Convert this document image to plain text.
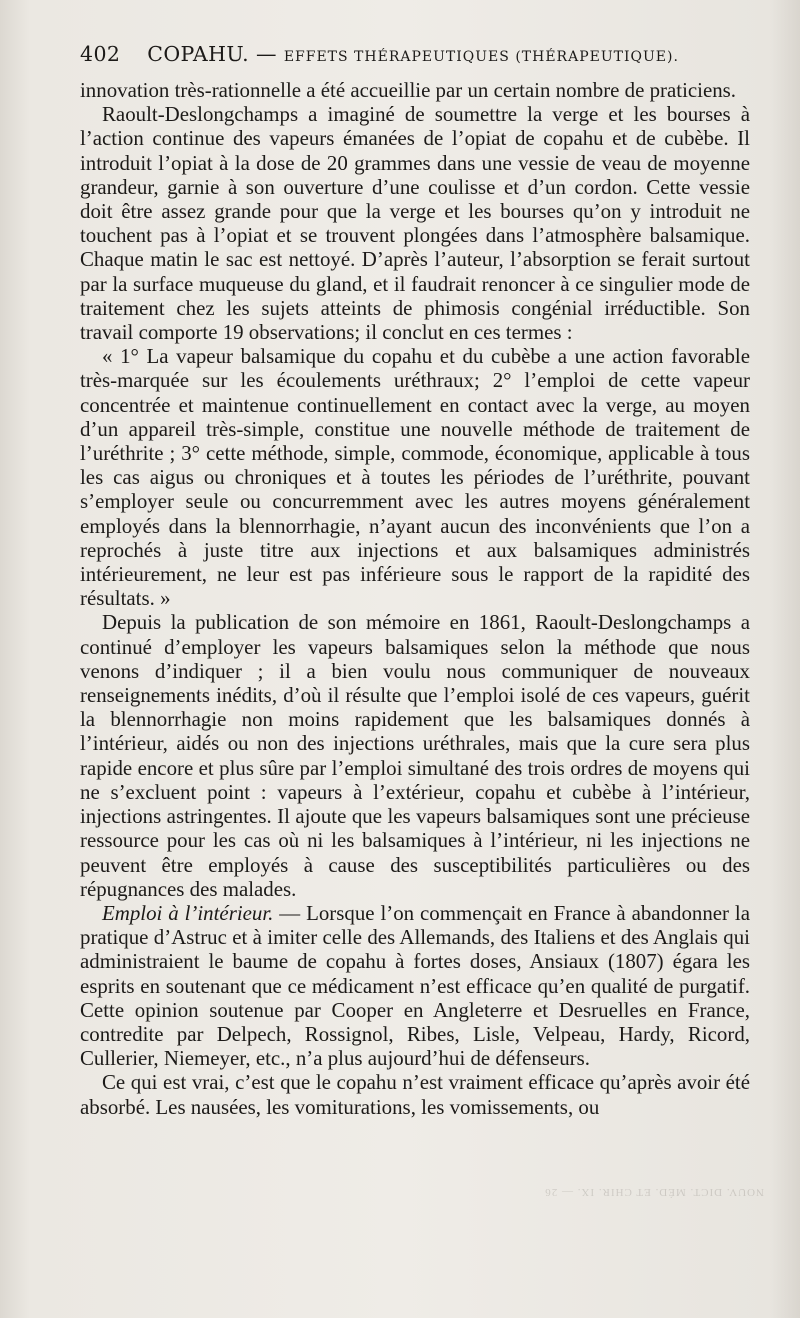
402 COPAHU. — EFFETS THÉRAPEUTIQUES (THÉRAPEUTIQUE).

innovation très-rationnelle a été accueillie par un certain nombre de praticiens.

Raoult-Deslongchamps a imaginé de soumettre la verge et les bourses à l’action continue des vapeurs émanées de l’opiat de copahu et de cubèbe. Il introduit l’opiat à la dose de 20 grammes dans une vessie de veau de moyenne grandeur, garnie à son ouverture d’une coulisse et d’un cordon. Cette vessie doit être assez grande pour que la verge et les bourses qu’on y introduit ne touchent pas à l’opiat et se trouvent plongées dans l’atmosphère balsamique. Chaque matin le sac est nettoyé. D’après l’auteur, l’absorption se ferait surtout par la surface muqueuse du gland, et il faudrait renoncer à ce singulier mode de traitement chez les sujets atteints de phimosis congénial irréductible. Son travail comporte 19 observations; il conclut en ces termes :

« 1° La vapeur balsamique du copahu et du cubèbe a une action favorable très-marquée sur les écoulements uréthraux; 2° l’emploi de cette vapeur concentrée et maintenue continuellement en contact avec la verge, au moyen d’un appareil très-simple, constitue une nouvelle méthode de traitement de l’uréthrite ; 3° cette méthode, simple, commode, économique, applicable à tous les cas aigus ou chroniques et à toutes les périodes de l’uréthrite, pouvant s’employer seule ou concurremment avec les autres moyens généralement employés dans la blennorrhagie, n’ayant aucun des inconvénients que l’on a reprochés à juste titre aux injections et aux balsamiques administrés intérieurement, ne leur est pas inférieure sous le rapport de la rapidité des résultats. »

Depuis la publication de son mémoire en 1861, Raoult-Deslongchamps a continué d’employer les vapeurs balsamiques selon la méthode que nous venons d’indiquer ; il a bien voulu nous communiquer de nouveaux renseignements inédits, d’où il résulte que l’emploi isolé de ces vapeurs, guérit la blennorrhagie non moins rapidement que les balsamiques donnés à l’intérieur, aidés ou non des injections uréthrales, mais que la cure sera plus rapide encore et plus sûre par l’emploi simultané des trois ordres de moyens qui ne s’excluent point : vapeurs à l’extérieur, copahu et cubèbe à l’intérieur, injections astringentes. Il ajoute que les vapeurs balsamiques sont une précieuse ressource pour les cas où ni les balsamiques à l’intérieur, ni les injections ne peuvent être employés à cause des susceptibilités particulières ou des répugnances des malades.

Emploi à l’intérieur. — Lorsque l’on commençait en France à abandonner la pratique d’Astruc et à imiter celle des Allemands, des Italiens et des Anglais qui administraient le baume de copahu à fortes doses, Ansiaux (1807) égara les esprits en soutenant que ce médicament n’est efficace qu’en qualité de purgatif. Cette opinion soutenue par Cooper en Angleterre et Desruelles en France, contredite par Delpech, Rossignol, Ribes, Lisle, Velpeau, Hardy, Ricord, Cullerier, Niemeyer, etc., n’a plus aujourd’hui de défenseurs.

Ce qui est vrai, c’est que le copahu n’est vraiment efficace qu’après avoir été absorbé. Les nausées, les vomiturations, les vomissements, ou

NOUV. DICT. MÉD. ET CHIR. IX. — 26
